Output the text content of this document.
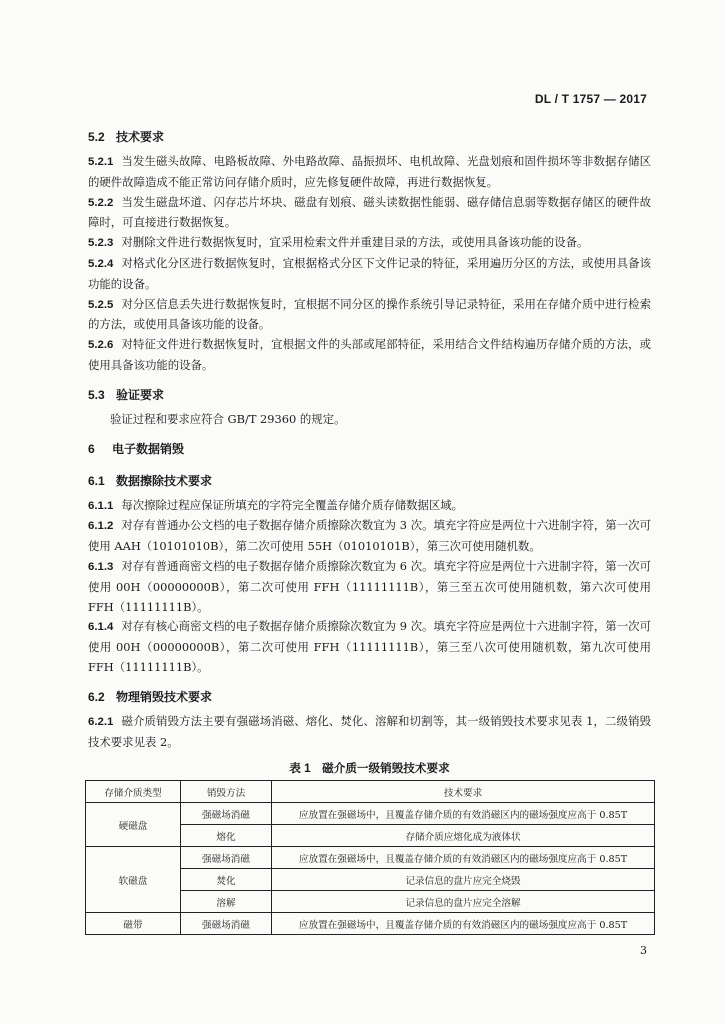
DL / T 1757 — 2017
5.2 技术要求

5.2.1 当发生磁头故障、电路板故障、外电路故障、晶振损坏、电机故障、光盘划痕和固件损坏等非数据存储区的硬件故障造成不能正常访问存储介质时，应先修复硬件故障，再进行数据恢复。

5.2.2 当发生磁盘坏道、闪存芯片坏块、磁盘有划痕、磁头读数据性能弱、磁存储信息弱等数据存储区的硬件故障时，可直接进行数据恢复。

5.2.3 对删除文件进行数据恢复时，宜采用检索文件并重建目录的方法，或使用具备该功能的设备。

5.2.4 对格式化分区进行数据恢复时，宜根据格式分区下文件记录的特征，采用遍历分区的方法，或使用具备该功能的设备。

5.2.5 对分区信息丢失进行数据恢复时，宜根据不同分区的操作系统引导记录特征，采用在存储介质中进行检索的方法，或使用具备该功能的设备。

5.2.6 对特征文件进行数据恢复时，宜根据文件的头部或尾部特征，采用结合文件结构遍历存储介质的方法，或使用具备该功能的设备。

5.3 验证要求

验证过程和要求应符合 GB/T 29360 的规定。

6 电子数据销毁
6.1 数据擦除技术要求

6.1.1 每次擦除过程应保证所填充的字符完全覆盖存储介质存储数据区域。

6.1.2 对存有普通办公文档的电子数据存储介质擦除次数宜为 3 次。填充字符应是两位十六进制字符，第一次可使用 AAH（10101010B），第二次可使用 55H（01010101B），第三次可使用随机数。

6.1.3 对存有普通商密文档的电子数据存储介质擦除次数宜为 6 次。填充字符应是两位十六进制字符，第一次可使用 00H（00000000B），第二次可使用 FFH（11111111B），第三至五次可使用随机数，第六次可使用 FFH（11111111B）。

6.1.4 对存有核心商密文档的电子数据存储介质擦除次数宜为 9 次。填充字符应是两位十六进制字符，第一次可使用 00H（00000000B），第二次可使用 FFH（11111111B），第三至八次可使用随机数，第九次可使用 FFH（11111111B）。

6.2 物理销毁技术要求

6.2.1 磁介质销毁方法主要有强磁场消磁、熔化、焚化、溶解和切割等，其一级销毁技术要求见表 1，二级销毁技术要求见表 2。

表 1　磁介质一级销毁技术要求
存储介质类型	销毁方法	技术要求
硬磁盘	强磁场消磁	应放置在强磁场中，且覆盖存储介质的有效消磁区内的磁场强度应高于 0.85T
	熔化	存储介质应熔化成为液体状
软磁盘	强磁场消磁	应放置在强磁场中，且覆盖存储介质的有效消磁区内的磁场强度应高于 0.85T
	焚化	记录信息的盘片应完全烧毁
	溶解	记录信息的盘片应完全溶解
磁带	强磁场消磁	应放置在强磁场中，且覆盖存储介质的有效消磁区内的磁场强度应高于 0.85T
3
